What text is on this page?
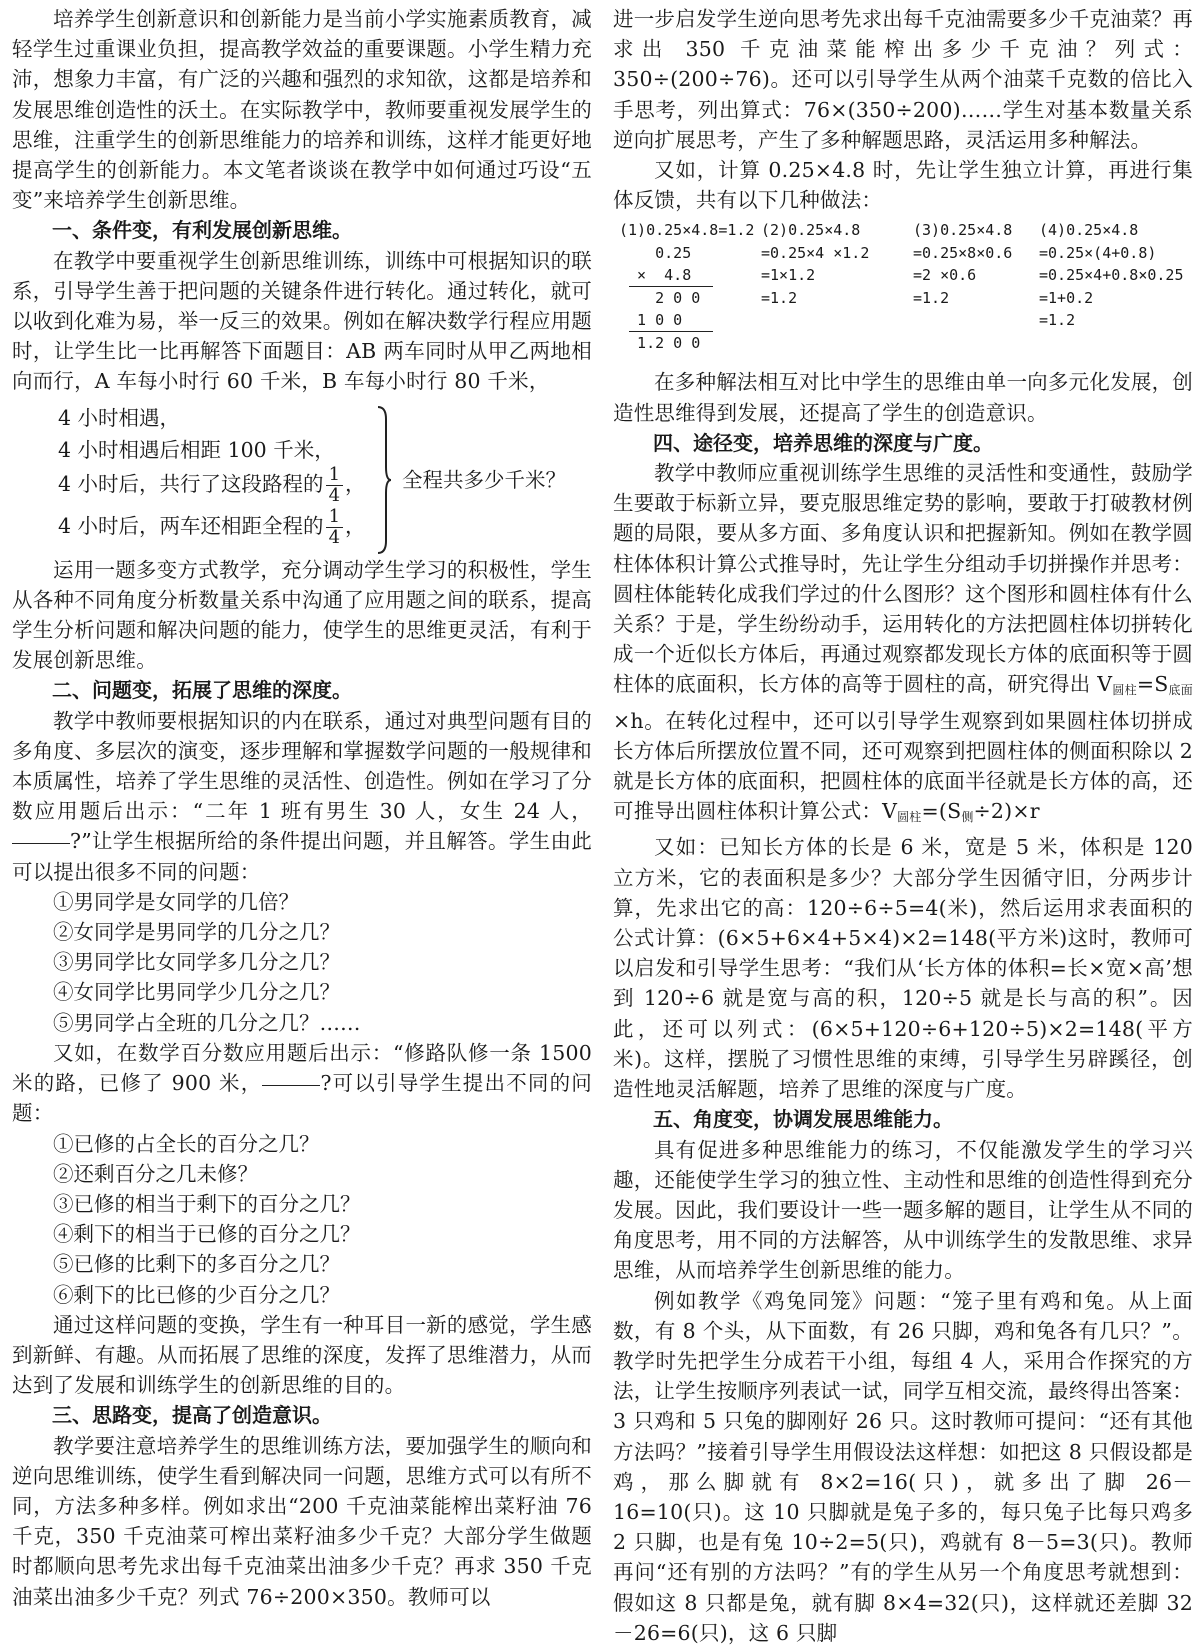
培养学生创新意识和创新能力是当前小学实施素质教育，减轻学生过重课业负担，提高教学效益的重要课题。小学生精力充沛，想象力丰富，有广泛的兴趣和强烈的求知欲，这都是培养和发展思维创造性的沃土。在实际教学中，教师要重视发展学生的思维，注重学生的创新思维能力的培养和训练，这样才能更好地提高学生的创新能力。本文笔者谈谈在教学中如何通过巧设“五变”来培养学生创新思维。

一、条件变，有利发展创新思维。

在教学中要重视学生创新思维训练，训练中可根据知识的联系，引导学生善于把问题的关键条件进行转化。通过转化，就可以收到化难为易，举一反三的效果。例如在解决数学行程应用题时，让学生比一比再解答下面题目：AB 两车同时从甲乙两地相向而行，A 车每小时行 60 千米，B 车每小时行 80 千米，

4 小时相遇，
4 小时相遇后相距 100 千米，
4 小时后，共行了这段路程的 $\frac{1}{4}$ ，
4 小时后，两车还相距全程的 $\frac{1}{4}$ ，
全程共多少千米？

运用一题多变方式教学，充分调动学生学习的积极性，学生从各种不同角度分析数量关系中沟通了应用题之间的联系，提高学生分析问题和解决问题的能力，使学生的思维更灵活，有利于发展创新思维。

二、问题变，拓展了思维的深度。

教学中教师要根据知识的内在联系，通过对典型问题有目的多角度、多层次的演变，逐步理解和掌握数学问题的一般规律和本质属性，培养了学生思维的灵活性、创造性。例如在学习了分数应用题后出示：“二年 1 班有男生 30 人，女生 24 人，?”让学生根据所给的条件提出问题，并且解答。学生由此可以提出很多不同的问题：

①男同学是女同学的几倍？

②女同学是男同学的几分之几？

③男同学比女同学多几分之几？

④女同学比男同学少几分之几？

⑤男同学占全班的几分之几？……

又如，在数学百分数应用题后出示：“修路队修一条 1500 米的路，已修了 900 米，	?可以引导学生提出不同的问题：

①已修的占全长的百分之几？

②还剩百分之几未修？

③已修的相当于剩下的百分之几？

④剩下的相当于已修的百分之几？

⑤已修的比剩下的多百分之几？

⑥剩下的比已修的少百分之几？

通过这样问题的变换，学生有一种耳目一新的感觉，学生感到新鲜、有趣。从而拓展了思维的深度，发挥了思维潜力，从而达到了发展和训练学生的创新思维的目的。

三、思路变，提高了创造意识。

教学要注意培养学生的思维训练方法，要加强学生的顺向和逆向思维训练，使学生看到解决同一问题，思维方式可以有所不同，方法多种多样。例如求出“200 千克油菜能榨出菜籽油 76 千克，350 千克油菜可榨出菜籽油多少千克？大部分学生做题时都顺向思考先求出每千克油菜出油多少千克？再求 350 千克油菜出油多少千克？列式 76÷200×350。教师可以

进一步启发学生逆向思考先求出每千克油需要多少千克油菜？再求出 350 千克油菜能榨出多少千克油？列式：350÷(200÷76)。还可以引导学生从两个油菜千克数的倍比入手思考，列出算式：76×(350÷200)……学生对基本数量关系逆向扩展思考，产生了多种解题思路，灵活运用多种解法。

又如，计算 0.25×4.8 时，先让学生独立计算，再进行集体反馈，共有以下几种做法：

(1)0.25×4.8=1.2
0.25
×  4.8
2 0 0
1 0 0
1.2 0 0
(2)0.25×4.8
=0.25×4 ×1.2
=1×1.2
=1.2
(3)0.25×4.8
=0.25×8×0.6
=2 ×0.6
=1.2
(4)0.25×4.8
=0.25×(4+0.8)
=0.25×4+0.8×0.25
=1+0.2
=1.2

在多种解法相互对比中学生的思维由单一向多元化发展，创造性思维得到发展，还提高了学生的创造意识。

四、途径变，培养思维的深度与广度。

教学中教师应重视训练学生思维的灵活性和变通性，鼓励学生要敢于标新立异，要克服思维定势的影响，要敢于打破教材例题的局限，要从多方面、多角度认识和把握新知。例如在教学圆柱体体积计算公式推导时，先让学生分组动手切拼操作并思考：圆柱体能转化成我们学过的什么图形？这个图形和圆柱体有什么关系？于是，学生纷纷动手，运用转化的方法把圆柱体切拼转化成一个近似长方体后，再通过观察都发现长方体的底面积等于圆柱体的底面积，长方体的高等于圆柱的高，研究得出 $V_{圆柱}=S_{底面}\times h$。在转化过程中，还可以引导学生观察到如果圆柱体切拼成长方体后所摆放位置不同，还可观察到把圆柱体的侧面积除以 2 就是长方体的底面积，把圆柱体的底面半径就是长方体的高，还可推导出圆柱体积计算公式：$V_{圆柱}=(S_侧\div 2)\times r$

又如：已知长方体的长是 6 米，宽是 5 米，体积是 120 立方米，它的表面积是多少？大部分学生因循守旧，分两步计算，先求出它的高：120÷6÷5=4(米)，然后运用求表面积的公式计算：(6×5+6×4+5×4)×2=148(平方米)这时，教师可以启发和引导学生思考：“我们从‘长方体的体积=长×宽×高’想到 120÷6 就是宽与高的积，120÷5 就是长与高的积”。因此，还可以列式：(6×5+120÷6+120÷5)×2=148(平方米)。这样，摆脱了习惯性思维的束缚，引导学生另辟蹊径，创造性地灵活解题，培养了思维的深度与广度。

五、角度变，协调发展思维能力。

具有促进多种思维能力的练习，不仅能激发学生的学习兴趣，还能使学生学习的独立性、主动性和思维的创造性得到充分发展。因此，我们要设计一些一题多解的题目，让学生从不同的角度思考，用不同的方法解答，从中训练学生的发散思维、求异思维，从而培养学生创新思维的能力。

例如教学《鸡兔同笼》问题：“笼子里有鸡和兔。从上面数，有 8 个头，从下面数，有 26 只脚，鸡和兔各有几只？”。教学时先把学生分成若干小组，每组 4 人，采用合作探究的方法，让学生按顺序列表试一试，同学互相交流，最终得出答案：3 只鸡和 5 只兔的脚刚好 26 只。这时教师可提问：“还有其他方法吗？”接着引导学生用假设法这样想：如把这 8 只假设都是鸡，那么脚就有 8×2=16(只)，就多出了脚 26－16=10(只)。这 10 只脚就是兔子多的，每只兔子比每只鸡多 2 只脚，也是有兔 10÷2=5(只)，鸡就有 8－5=3(只)。教师再问“还有别的方法吗？”有的学生从另一个角度思考就想到：假如这 8 只都是兔，就有脚 8×4=32(只)，这样就还差脚 32－26=6(只)，这 6 只脚
